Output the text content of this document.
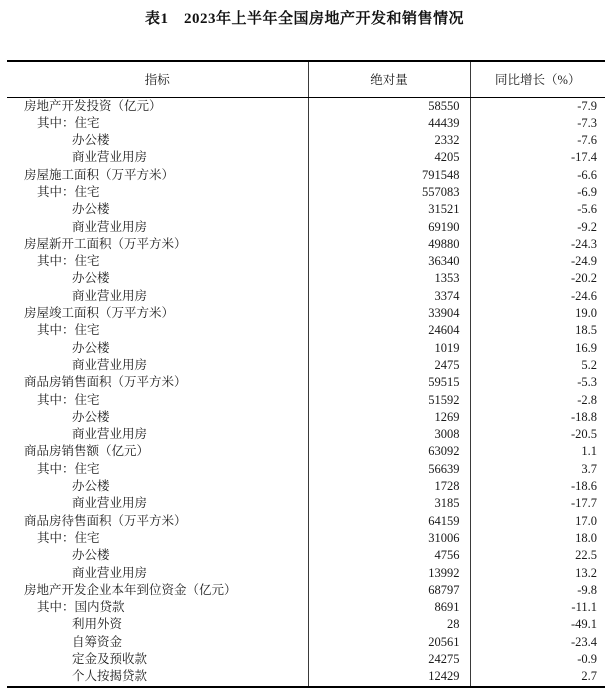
表1　2023年上半年全国房地产开发和销售情况
指标	绝对量	同比增长（%）
房地产开发投资（亿元）	58550	-7.9
其中：住宅	44439	-7.3
办公楼	2332	-7.6
商业营业用房	4205	-17.4
房屋施工面积（万平方米）	791548	-6.6
其中：住宅	557083	-6.9
办公楼	31521	-5.6
商业营业用房	69190	-9.2
房屋新开工面积（万平方米）	49880	-24.3
其中：住宅	36340	-24.9
办公楼	1353	-20.2
商业营业用房	3374	-24.6
房屋竣工面积（万平方米）	33904	19.0
其中：住宅	24604	18.5
办公楼	1019	16.9
商业营业用房	2475	5.2
商品房销售面积（万平方米）	59515	-5.3
其中：住宅	51592	-2.8
办公楼	1269	-18.8
商业营业用房	3008	-20.5
商品房销售额（亿元）	63092	1.1
其中：住宅	56639	3.7
办公楼	1728	-18.6
商业营业用房	3185	-17.7
商品房待售面积（万平方米）	64159	17.0
其中：住宅	31006	18.0
办公楼	4756	22.5
商业营业用房	13992	13.2
房地产开发企业本年到位资金（亿元）	68797	-9.8
其中：国内贷款	8691	-11.1
利用外资	28	-49.1
自筹资金	20561	-23.4
定金及预收款	24275	-0.9
个人按揭贷款	12429	2.7
